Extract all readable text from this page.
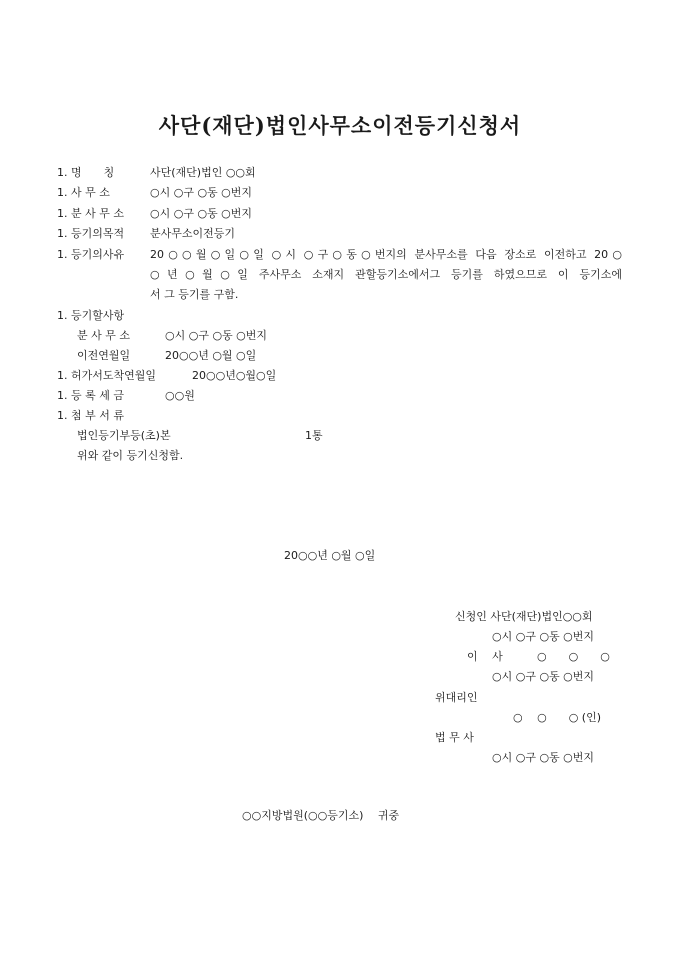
사단(재단)법인사무소이전등기신청서
1. 명　　칭	사단(재단)법인 ○○회
1. 사 무 소	○시 ○구 ○동 ○번지
1. 분 사 무 소 ○시 ○구 ○동 ○번지
1. 등기의목적 분사무소이전등기
1. 등기의사유 20○○월○일○일 ○시 ○구○동○번지의 분사무소를 다음 장소로 이전하고 20○
○년○월○일 주사무소 소재지 관할등기소에서그 등기를 하였으므로 이 등기소에
서 그 등기를 구함.
1. 등기할사항
분 사 무 소	○시 ○구 ○동 ○번지
이전연월일	20○○년 ○월 ○일
1. 허가서도착연월일	20○○년○월○일
1. 등 록 세 금	○○원
1. 첨 부 서 류
법인등기부등(초)본	1통
위와 같이 등기신청함.
20○○년 ○월 ○일
신청인 사단(재단)법인○○회
○시 ○구 ○동 ○번지
이　 사	○　　○　　○
○시 ○구 ○동 ○번지
위대리인
○　 ○　　○ (인)
법 무 사
○시 ○구 ○동 ○번지
○○지방법원(○○등기소)　 귀중
